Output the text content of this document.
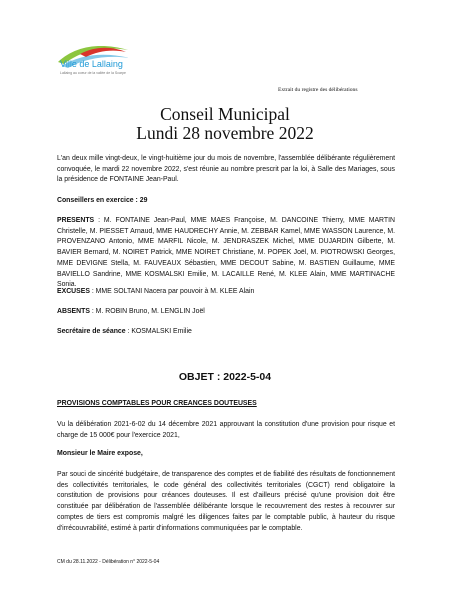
Ville de Lallaing
Lallaing au coeur de la vallée de la Scarpe
Extrait du registre des délibérations
Conseil Municipal
Lundi 28 novembre 2022

L'an deux mille vingt-deux, le vingt-huitième jour du mois de novembre, l'assemblée délibérante régulièrement convoquée, le mardi 22 novembre 2022, s'est réunie au nombre prescrit par la loi, à Salle des Mariages, sous la présidence de FONTAINE Jean-Paul.

Conseillers en exercice : 29

PRESENTS : M. FONTAINE Jean-Paul, MME MAES Françoise, M. DANCOINE Thierry, MME MARTIN Christelle, M. PIESSET Arnaud, MME HAUDRECHY Annie, M. ZEBBAR Kamel, MME WASSON Laurence, M. PROVENZANO Antonio, MME MARFIL Nicole, M. JENDRASZEK Michel, MME DUJARDIN Gilberte, M. BAVIER Bernard, M. NOIRET Patrick, MME NOIRET Christiane, M. POPEK Joël, M. PIOTROWSKI Georges, MME DEVIGNE Stella, M. FAUVEAUX Sébastien, MME DECOUT Sabine, M. BASTIEN Guillaume, MME BAVIELLO Sandrine, MME KOSMALSKI Emilie, M. LACAILLE René, M. KLEE Alain, MME MARTINACHE Sonia.

EXCUSES : MME SOLTANI Nacera par pouvoir à M. KLEE Alain

ABSENTS : M. ROBIN Bruno, M. LENGLIN Joël

Secrétaire de séance : KOSMALSKI Emilie

OBJET : 2022-5-04

PROVISIONS COMPTABLES POUR CREANCES DOUTEUSES

Vu la délibération 2021-6-02 du 14 décembre 2021 approuvant la constitution d'une provision pour risque et charge de 15 000€ pour l'exercice 2021,

Monsieur le Maire expose,

Par souci de sincérité budgétaire, de transparence des comptes et de fiabilité des résultats de fonctionnement des collectivités territoriales, le code général des collectivités territoriales (CGCT) rend obligatoire la constitution de provisions pour créances douteuses. Il est d'ailleurs précisé qu'une provision doit être constituée par délibération de l'assemblée délibérante lorsque le recouvrement des restes à recouvrer sur comptes de tiers est compromis malgré les diligences faites par le comptable public, à hauteur du risque d'irrécouvrabilité, estimé à partir d'informations communiquées par le comptable.

CM du 28.11.2022 - Délibération n° 2022-5-04
